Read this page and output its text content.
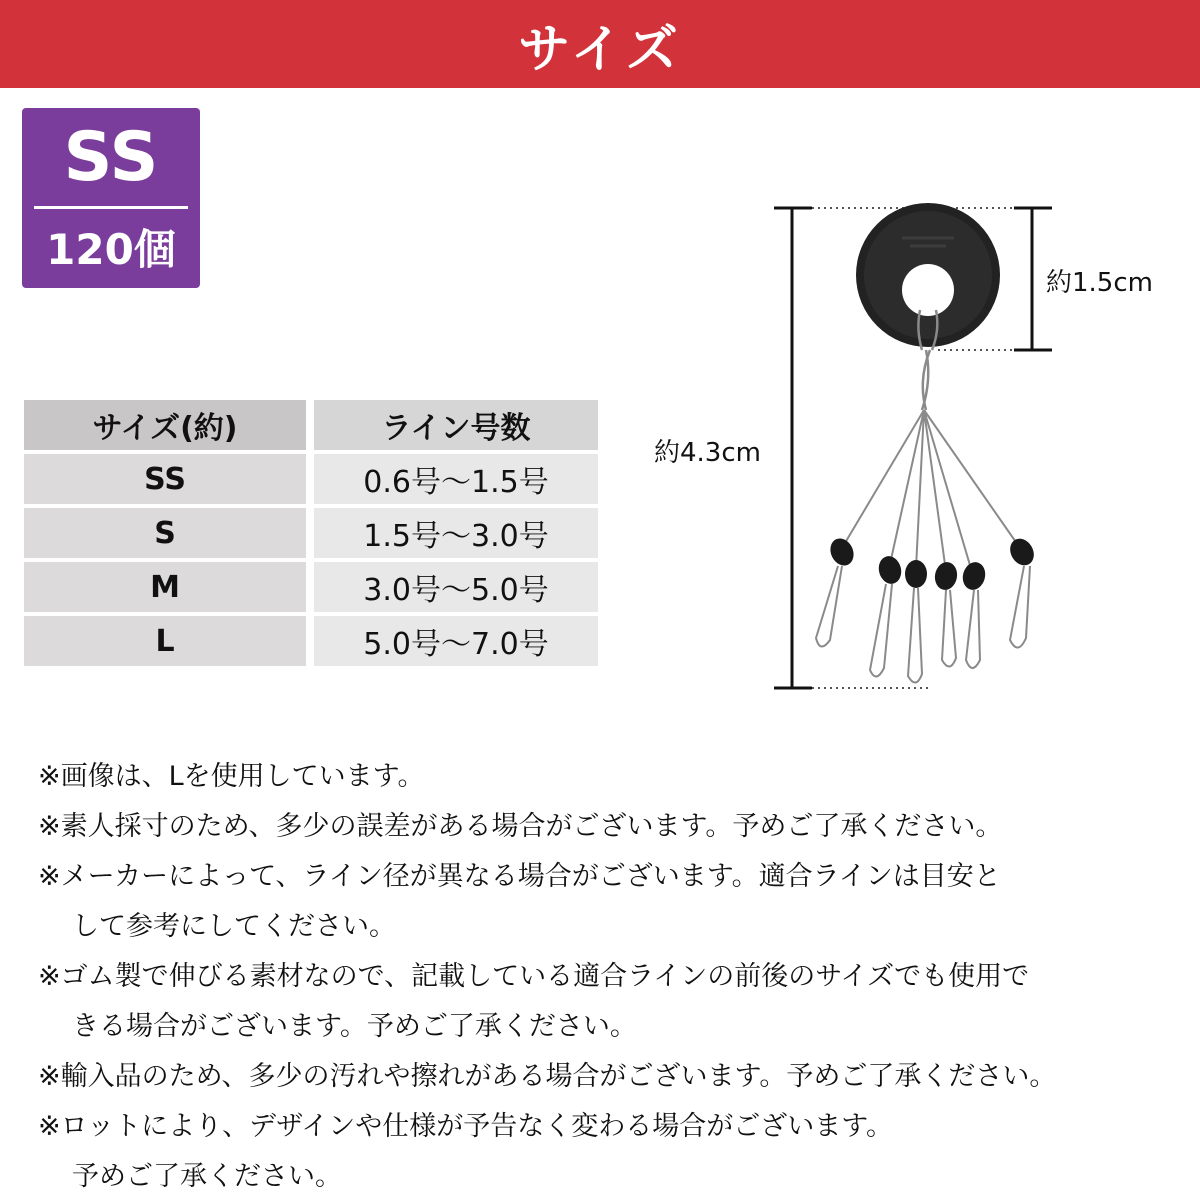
サイズ
SS
120個
サイズ(約)	ライン号数
SS	0.6号〜1.5号
S	1.5号〜3.0号
M	3.0号〜5.0号
L	5.0号〜7.0号
約1.5cm
約4.3cm
※画像は、Lを使用しています。
※素人採寸のため、多少の誤差がある場合がございます。予めご了承ください。
※メーカーによって、ライン径が異なる場合がございます。適合ラインは目安と
して参考にしてください。
※ゴム製で伸びる素材なので、記載している適合ラインの前後のサイズでも使用で
きる場合がございます。予めご了承ください。
※輸入品のため、多少の汚れや擦れがある場合がございます。予めご了承ください。
※ロットにより、デザインや仕様が予告なく変わる場合がございます。
予めご了承ください。
